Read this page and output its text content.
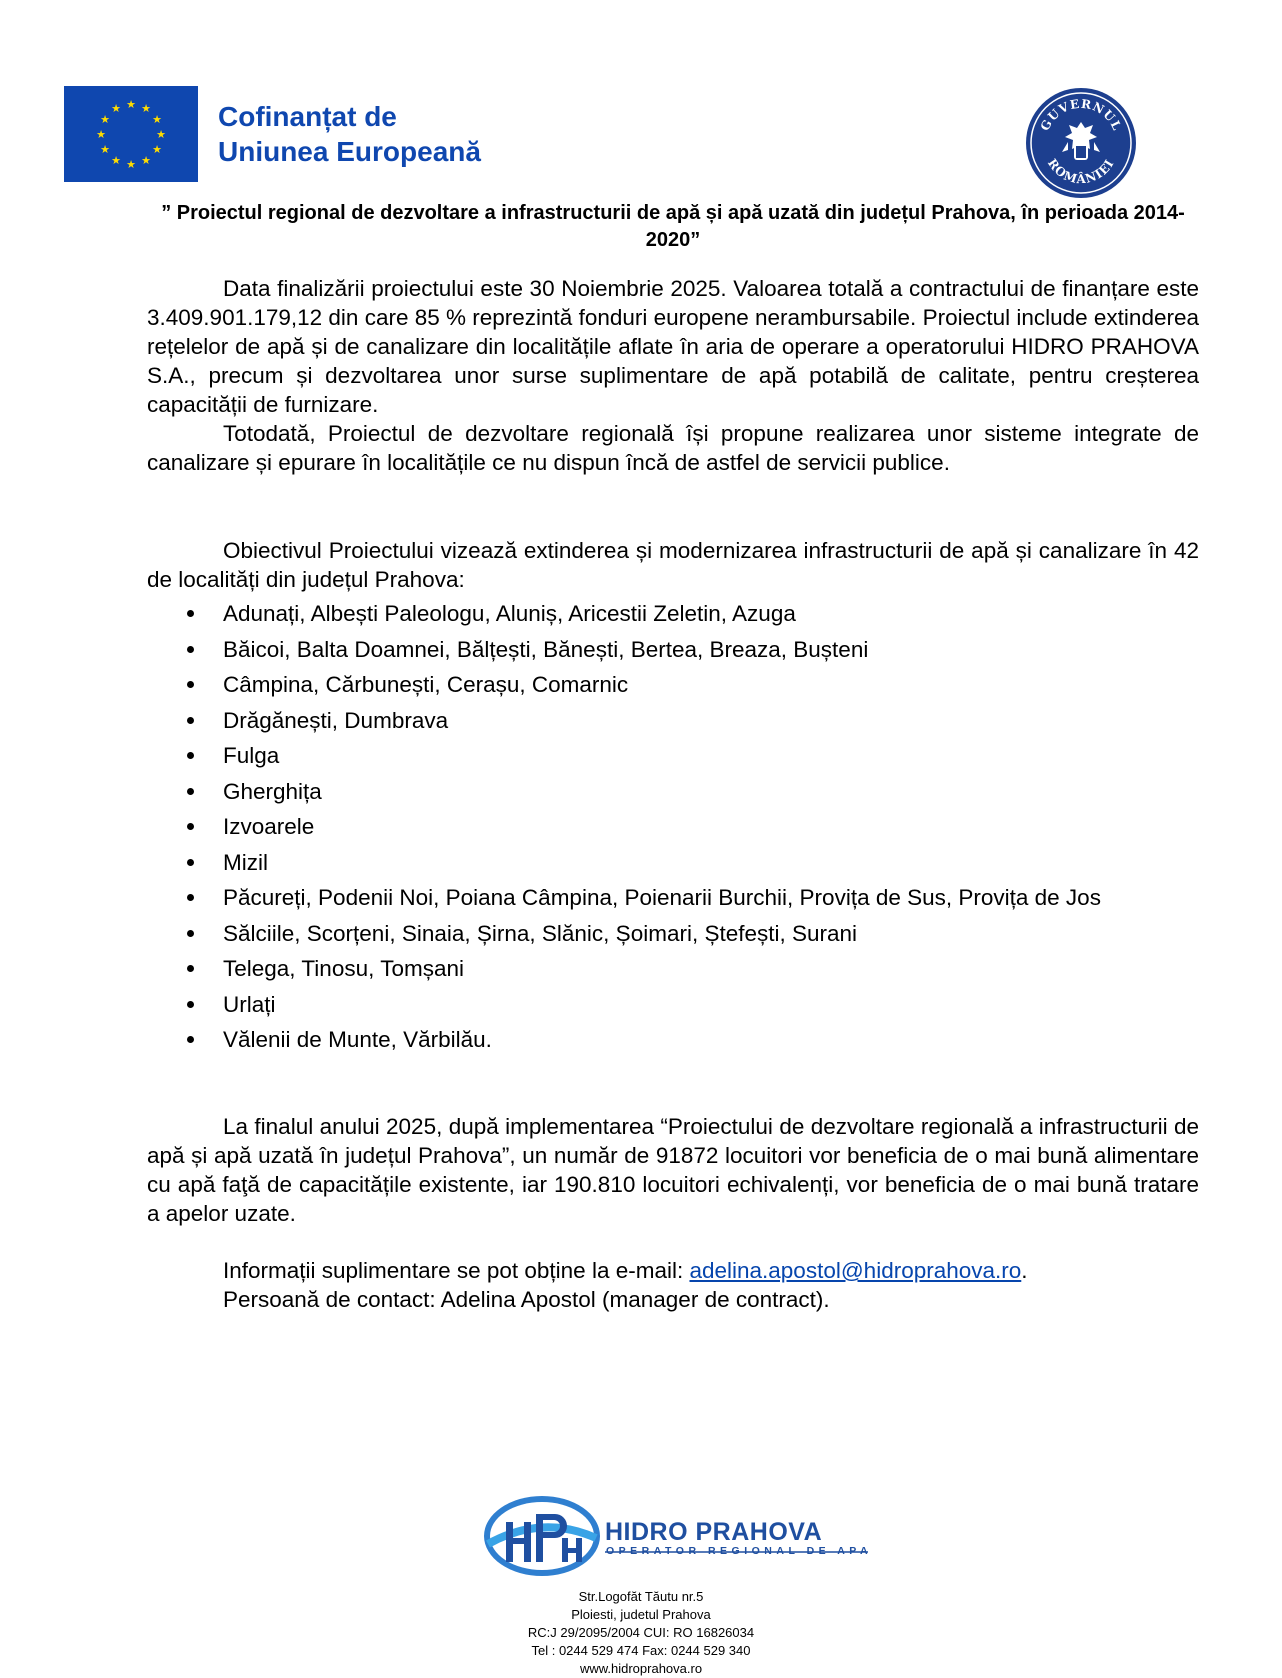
★ ★
★
★
★
★
★
★
★
★
★
★	Cofinanțat de
Uniunea Europeană
GUVERNUL
ROMÂNIEI
” Proiectul regional de dezvoltare a infrastructurii de apă și apă uzată din județul Prahova, în perioada 2014-2020”

Data finalizării proiectului este 30 Noiembrie 2025. Valoarea totală a contractului de finanțare este 3.409.901.179,12 din care 85 % reprezintă fonduri europene nerambursabile. Proiectul include extinderea rețelelor de apă și de canalizare din localitățile aflate în aria de operare a operatorului HIDRO PRAHOVA S.A., precum și dezvoltarea unor surse suplimentare de apă potabilă de calitate, pentru creșterea capacității de furnizare.

Totodată, Proiectul de dezvoltare regională își propune realizarea unor sisteme integrate de canalizare și epurare în localitățile ce nu dispun încă de astfel de servicii publice.

Obiectivul Proiectului vizează extinderea și modernizarea infrastructurii de apă și canalizare în 42 de localități din județul Prahova:

Adunați, Albești Paleologu, Aluniș, Aricestii Zeletin, Azuga
Băicoi, Balta Doamnei, Bălțești, Bănești, Bertea, Breaza, Bușteni
Câmpina, Cărbunești, Cerașu, Comarnic
Drăgănești, Dumbrava
Fulga
Gherghița
Izvoarele
Mizil
Păcureți, Podenii Noi, Poiana Câmpina, Poienarii Burchii, Provița de Sus, Provița de Jos
Sălciile, Scorțeni, Sinaia, Șirna, Slănic, Șoimari, Ștefești, Surani
Telega, Tinosu, Tomșani
Urlați
Vălenii de Munte, Vărbilău.

La finalul anului 2025, după implementarea “Proiectului de dezvoltare regională a infrastructurii de apă și apă uzată în județul Prahova”, un număr de 91872 locuitori vor beneficia de o mai bună alimentare cu apă faţă de capacitățile existente, iar 190.810 locuitori echivalenți, vor beneficia de o mai bună tratare a apelor uzate.

Informații suplimentare se pot obține la e-mail: adelina.apostol@hidroprahova.ro.

Persoană de contact: Adelina Apostol (manager de contract).

HIDRO PRAHOVA
OPERATOR REGIONAL DE APA
Str.Logofăt Tăutu nr.5
Ploiesti, judetul Prahova
RC:J 29/2095/2004 CUI: RO 16826034
Tel : 0244 529 474 Fax: 0244 529 340
www.hidroprahova.ro
